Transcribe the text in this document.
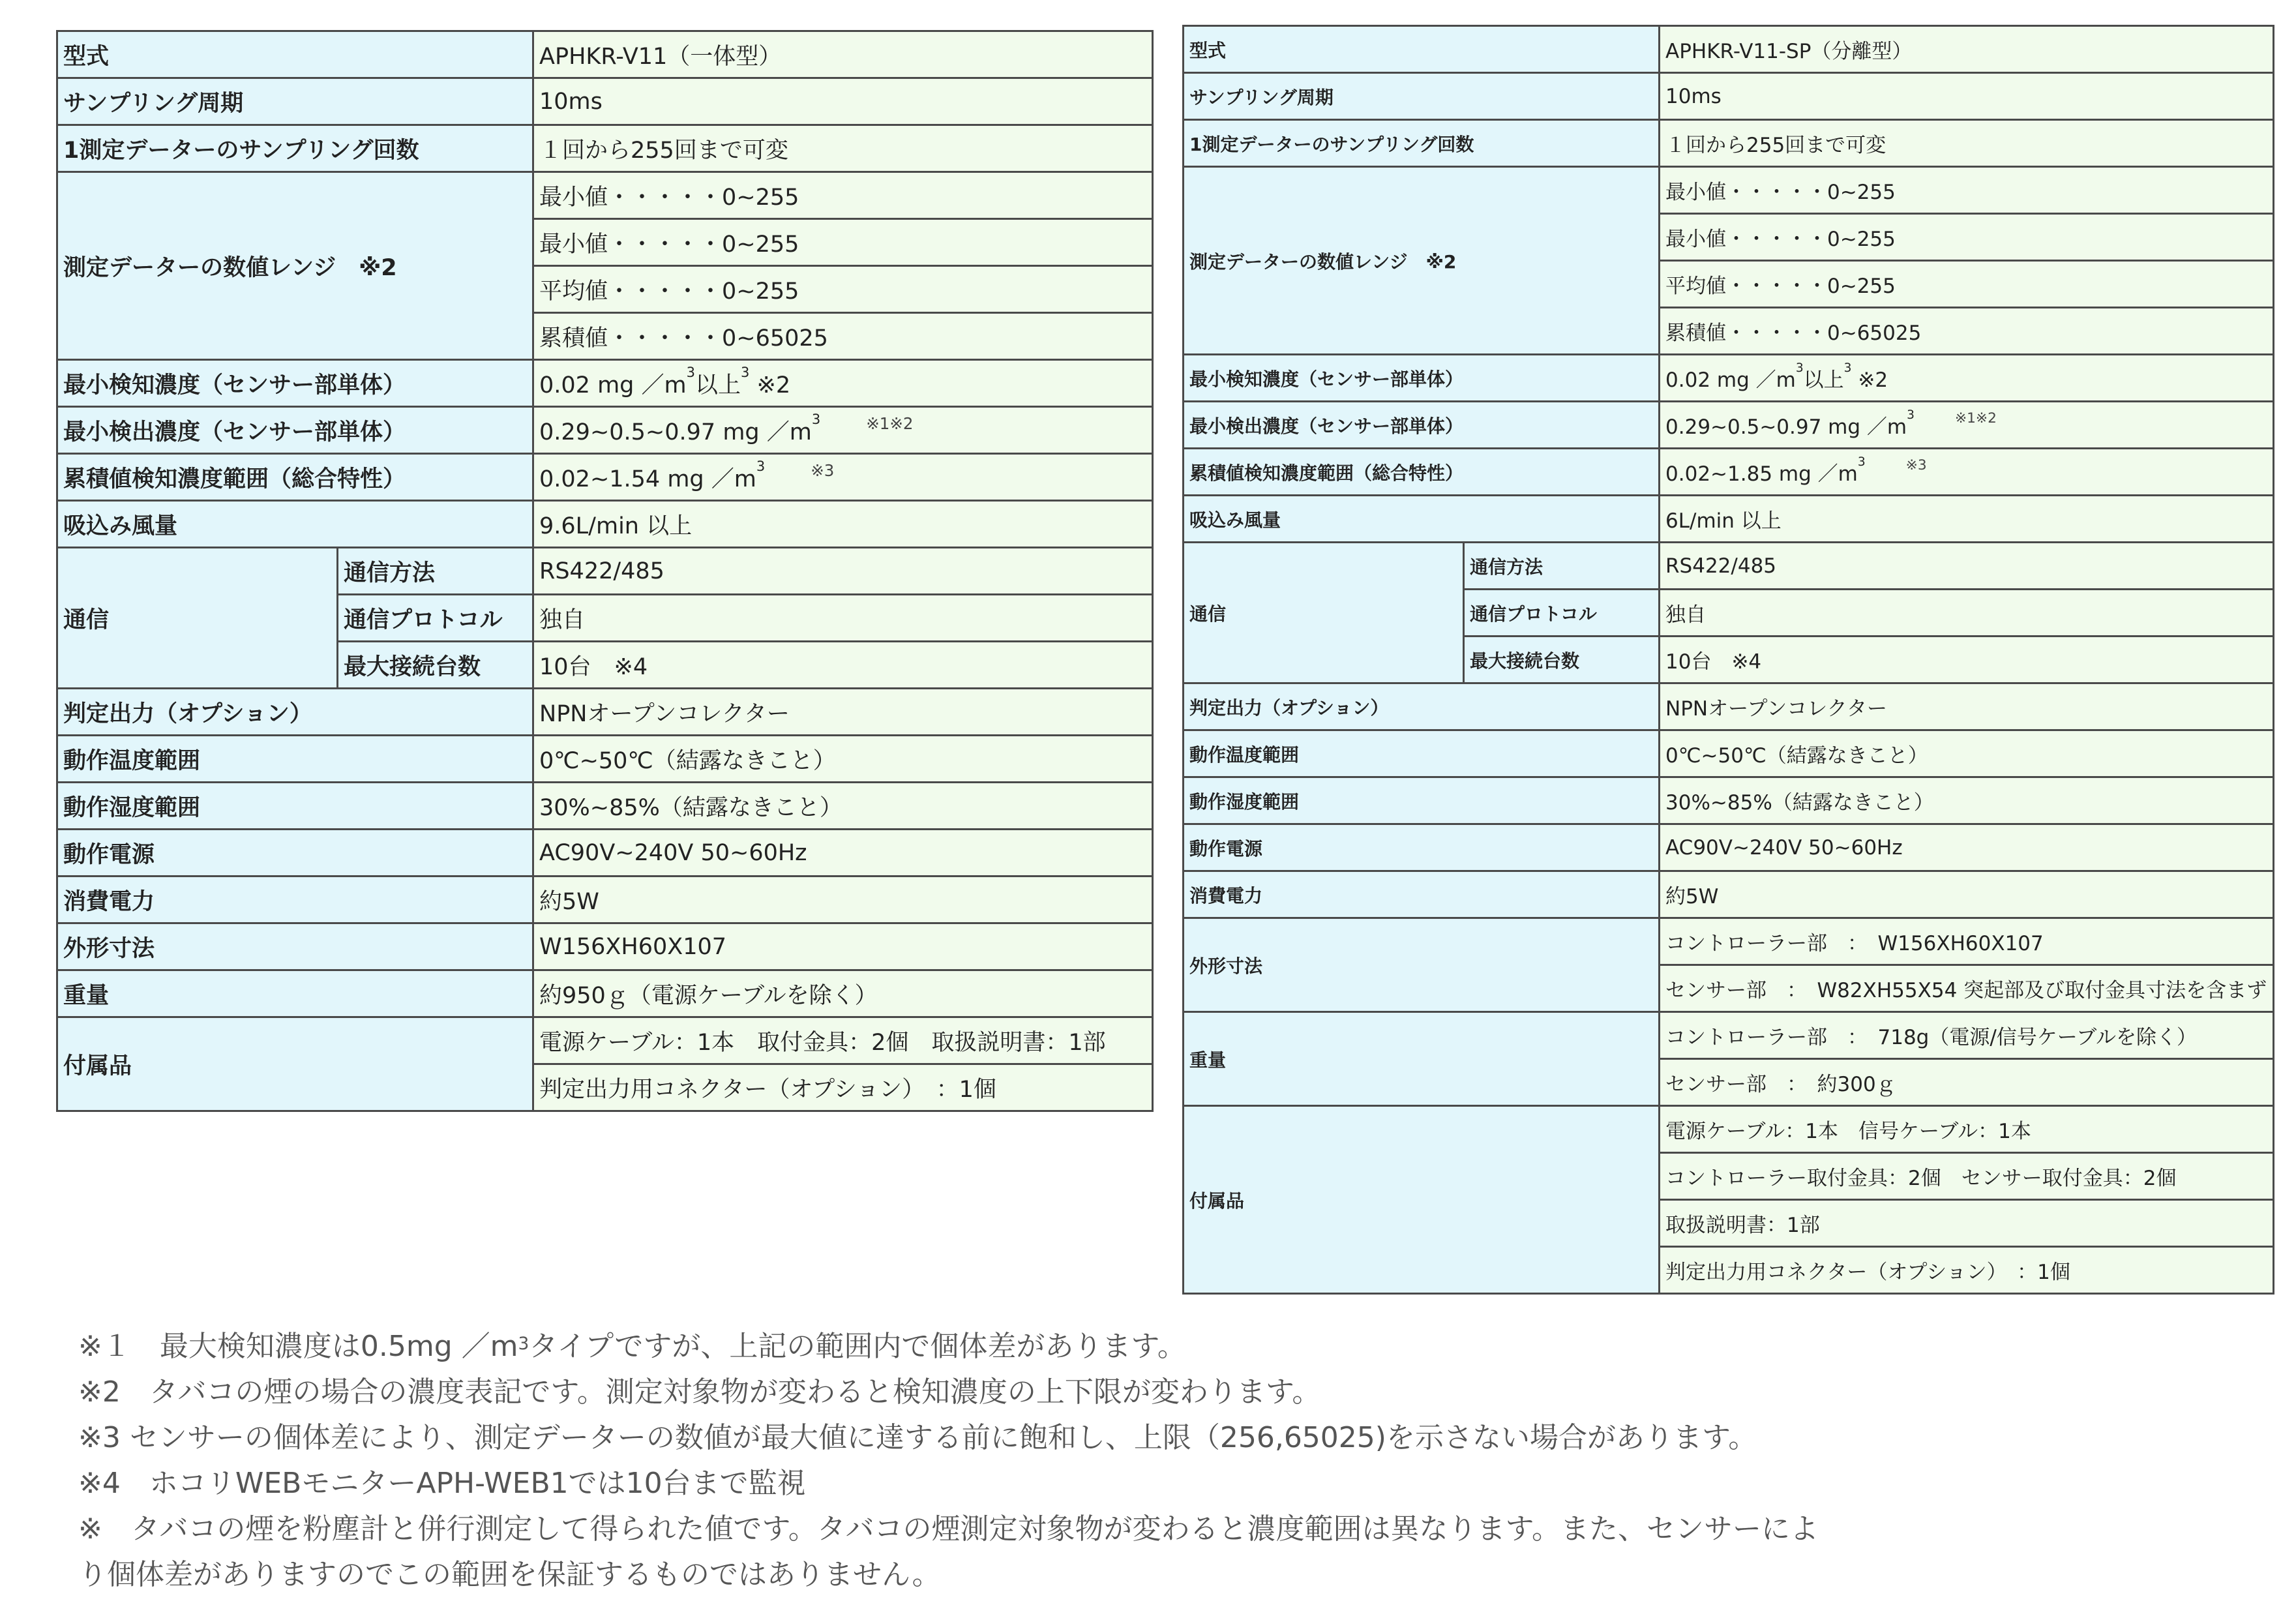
型式		APHKR-V11（一体型）
サンプリング周期		10ms
1測定データーのサンプリング回数		１回から255回まで可変
測定データーの数値レンジ　※2		最小値・・・・・0~255
		最小値・・・・・0~255
		平均値・・・・・0~255
		累積値・・・・・0~65025
最小検知濃度（センサー部単体）		0.02 mg $/m^3$以上$^3$ ※2
最小検出濃度（センサー部単体）		0.29~0.5~0.97 mg $/m^3$　　 $^{※1※2}$
累積値検知濃度範囲（総合特性）		0.02~1.54 mg $/m^3$　　 $^{※3}$
吸込み風量		9.6L/min 以上
通信	通信方法	RS422/485
	通信プロトコル	独自
	最大接続台数	10台　※4
判定出力（オプション）		NPNオープンコレクター
動作温度範囲		0℃~50℃（結露なきこと）
動作湿度範囲		30%~85%（結露なきこと）
動作電源		AC90V~240V 50~60Hz
消費電力		約5W
外形寸法		W156XH60X107
重量		約950ｇ（電源ケーブルを除く）
付属品		電源ケーブル：1本　取付金具：2個　取扱説明書：1部
		判定出力用コネクター（オプション）　：1個
型式		APHKR-V11-SP（分離型）
サンプリング周期		10ms
1測定データーのサンプリング回数		１回から255回まで可変
測定データーの数値レンジ　※2		最小値・・・・・0~255
		最小値・・・・・0~255
		平均値・・・・・0~255
		累積値・・・・・0~65025
最小検知濃度（センサー部単体）		0.02 mg $/m^3$以上$^3$ ※2
最小検出濃度（センサー部単体）		0.29~0.5~0.97 mg $/m^3$　　 $^{※1※2}$
累積値検知濃度範囲（総合特性）		0.02~1.85 mg $/m^3$　　 $^{※3}$
吸込み風量		6L/min 以上
通信	通信方法	RS422/485
	通信プロトコル	独自
	最大接続台数	10台　※4
判定出力（オプション）		NPNオープンコレクター
動作温度範囲		0℃~50℃（結露なきこと）
動作湿度範囲		30%~85%（結露なきこと）
動作電源		AC90V~240V 50~60Hz
消費電力		約5W
外形寸法		コントローラー部　：　W156XH60X107
		センサー部　：　W82XH55X54 突起部及び取付金具寸法を含まず
重量		コントローラー部　：　718g（電源/信号ケーブルを除く）
		センサー部　：　約300ｇ
付属品		電源ケーブル：1本　信号ケーブル：1本
		コントローラー取付金具：2個　センサー取付金具：2個
		取扱説明書：1部
		判定出力用コネクター（オプション）　：1個
※１　最大検知濃度は0.5mg $/m^3$タイプですが、上記の範囲内で個体差があります。
※2　タバコの煙の場合の濃度表記です。測定対象物が変わると検知濃度の上下限が変わります。
※3 センサーの個体差により、測定データーの数値が最大値に達する前に飽和し、上限（256,65025)を示さない場合があります。
※4　ホコリWEBモニターAPH-WEB1では10台まで監視
※　タバコの煙を粉塵計と併行測定して得られた値です。タバコの煙測定対象物が変わると濃度範囲は異なります。また、センサーによ
り個体差がありますのでこの範囲を保証するものではありません。
